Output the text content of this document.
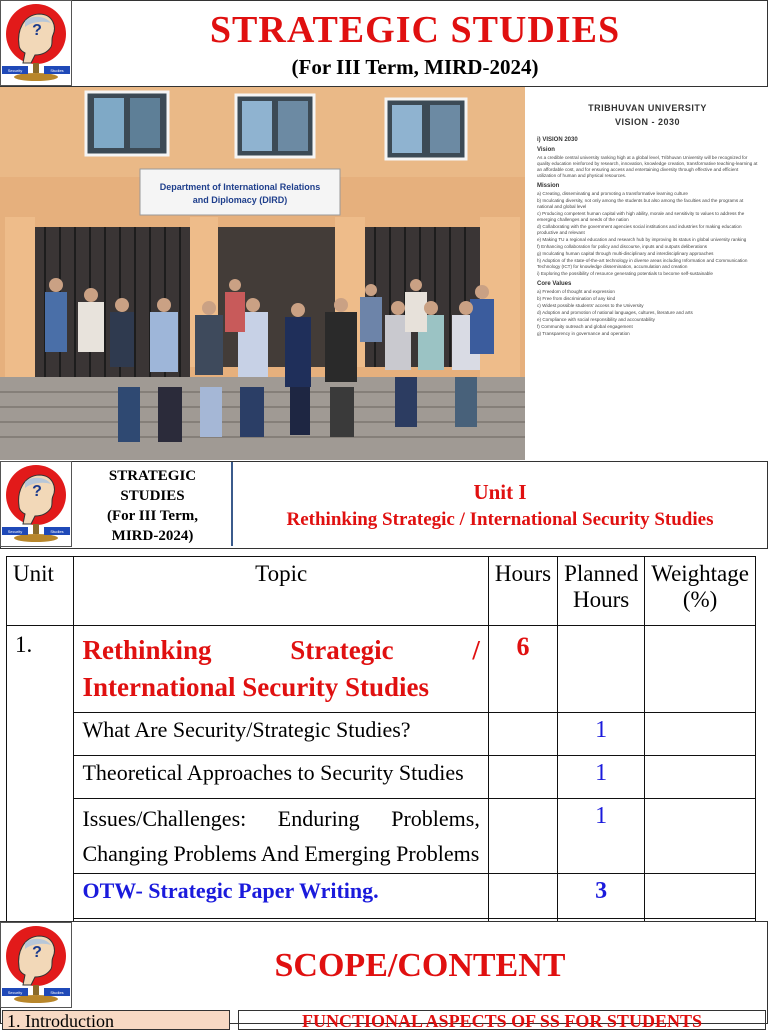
?
Security	Studies
STRATEGIC STUDIES
(For III Term, MIRD-2024)
Department of International Relations
and Diplomacy (DIRD)
TRIBHUVAN UNIVERSITY
VISION - 2030
i) VISION 2030
Vision
As a credible central university ranking high at a global level, Tribhuvan University will be recognized for quality education reinforced by research, innovation, knowledge creation, transformative teaching-learning at an affordable cost, and for ensuring access and entertaining diversity through effective and efficient utilization of human and physical resources.
Mission
a) Creating, disseminating and promoting a transformative learning culture
b) Inculcating diversity, not only among the students but also among the faculties and the programs at national and global level
c) Producing competent human capital with high ability, morale and sensitivity to values to address the emerging challenges and needs of the nation
d) Collaborating with the government agencies social institutions and industries for making education productive and relevant
e) Making TU a regional education and research hub by improving its status in global university ranking
f) Enhancing collaboration for policy and discourse, inputs and outputs deliberations
g) Inculcating human capital through multi-disciplinary and interdisciplinary approaches
h) Adoption of the state-of-the-art technology in diverse areas including Information and Communication Technology (ICT) for knowledge dissemination, accumulation and creation
i) Exploring the possibility of resource generating potentials to become self-sustainable
Core Values
a) Freedom of thought and expression
b) Free from discrimination of any kind
c) Widest possible students' access to the University
d) Adoption and promotion of national languages, cultures, literature and arts
e) Compliance with social responsibility and accountability
f) Community outreach and global engagement
g) Transparency in governance and operation
?
Security	Studies
STRATEGIC
STUDIES
(For III Term,
MIRD-2024)
Unit I
Rethinking Strategic / International Security Studies
Unit	Topic	Hours	Planned Hours	Weightage (%)
1.	Rethinking Strategic / International Security Studies	6		
	What Are Security/Strategic Studies?		1	
	Theoretical Approaches to Security Studies		1	
	Issues/Challenges: Enduring Problems, Changing Problems And Emerging Problems		1	
	OTW- Strategic Paper Writing.		3	

?
Security	Studies
SCOPE/CONTENT
1. Introduction	FUNCTIONAL ASPECTS OF SS FOR STUDENTS
